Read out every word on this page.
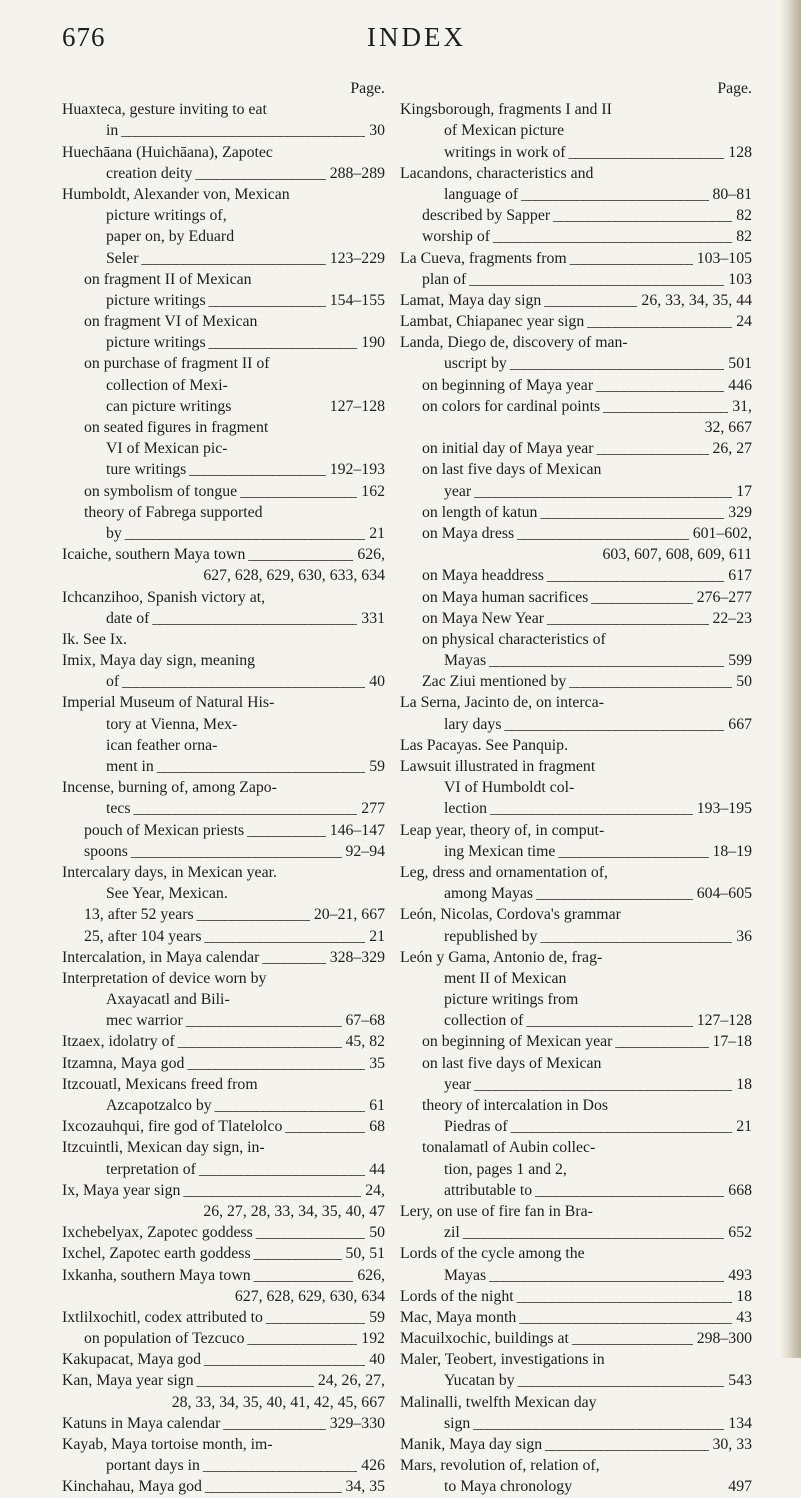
676	INDEX
Page.
Huaxteca, gesture inviting to eat
30
in _____
Huechāana (Huichāana), Zapotec
288–289
creation deity _____
Humboldt, Alexander von, Mexican
picture writings of,
paper on, by Eduard
123–229
Seler _____
on fragment II of Mexican
154–155
picture writings _____
on fragment VI of Mexican
190
picture writings _____
on purchase of fragment II of
collection of Mexi-
127–128
can picture writings
on seated figures in fragment
VI of Mexican pic-
192–193
ture writings _____
162
on symbolism of tongue _____
theory of Fabrega supported
21
by _____
626,
Icaiche, southern Maya town _____
627, 628, 629, 630, 633, 634
Ichcanzihoo, Spanish victory at,
331
date of _____
Ik. See Ix.
Imix, Maya day sign, meaning
40
of _____
Imperial Museum of Natural His-
tory at Vienna, Mex-
ican feather orna-
59
ment in _____
Incense, burning of, among Zapo-
277
tecs _____
146–147
pouch of Mexican priests _____
92–94
spoons _____
Intercalary days, in Mexican year.
See Year, Mexican.
20–21, 667
13, after 52 years _____
21
25, after 104 years _____
328–329
Intercalation, in Maya calendar _____
Interpretation of device worn by
Axayacatl and Bili-
67–68
mec warrior _____
45, 82
Itzaex, idolatry of _____
35
Itzamna, Maya god _____
Itzcouatl, Mexicans freed from
61
Azcapotzalco by _____
68
Ixcozauhqui, fire god of Tlatelolco _____
Itzcuintli, Mexican day sign, in-
44
terpretation of _____
24,
Ix, Maya year sign _____
26, 27, 28, 33, 34, 35, 40, 47
50
Ixchebelyax, Zapotec goddess _____
50, 51
Ixchel, Zapotec earth goddess _____
626,
Ixkanha, southern Maya town _____
627, 628, 629, 630, 634
59
Ixtlilxochitl, codex attributed to _____
192
on population of Tezcuco _____
40
Kakupacat, Maya god _____
24, 26, 27,
Kan, Maya year sign _____
28, 33, 34, 35, 40, 41, 42, 45, 667
329–330
Katuns in Maya calendar _____
Kayab, Maya tortoise month, im-
426
portant days in _____
34, 35
Kinchahau, Maya god _____
Page.
Kingsborough, fragments I and II
of Mexican picture
128
writings in work of _____
Lacandons, characteristics and
80–81
language of _____
82
described by Sapper _____
82
worship of _____
103–105
La Cueva, fragments from _____
103
plan of _____
26, 33, 34, 35, 44
Lamat, Maya day sign _____
24
Lambat, Chiapanec year sign _____
Landa, Diego de, discovery of man-
501
uscript by _____
446
on beginning of Maya year _____
31,
on colors for cardinal points _____
32, 667
26, 27
on initial day of Maya year _____
on last five days of Mexican
17
year _____
329
on length of katun _____
601–602,
on Maya dress _____
603, 607, 608, 609, 611
617
on Maya headdress _____
276–277
on Maya human sacrifices _____
22–23
on Maya New Year _____
on physical characteristics of
599
Mayas _____
50
Zac Ziui mentioned by _____
La Serna, Jacinto de, on interca-
667
lary days _____
Las Pacayas. See Panquip.
Lawsuit illustrated in fragment
VI of Humboldt col-
193–195
lection _____
Leap year, theory of, in comput-
18–19
ing Mexican time _____
Leg, dress and ornamentation of,
604–605
among Mayas _____
León, Nicolas, Cordova's grammar
36
republished by _____
León y Gama, Antonio de, frag-
ment II of Mexican
picture writings from
127–128
collection of _____
17–18
on beginning of Mexican year _____
on last five days of Mexican
18
year _____
theory of intercalation in Dos
21
Piedras of _____
tonalamatl of Aubin collec-
tion, pages 1 and 2,
668
attributable to _____
Lery, on use of fire fan in Bra-
652
zil _____
Lords of the cycle among the
493
Mayas _____
18
Lords of the night _____
43
Mac, Maya month _____
298–300
Macuilxochic, buildings at _____
Maler, Teobert, investigations in
543
Yucatan by _____
Malinalli, twelfth Mexican day
134
sign _____
30, 33
Manik, Maya day sign _____
Mars, revolution of, relation of,
497
to Maya chronology
